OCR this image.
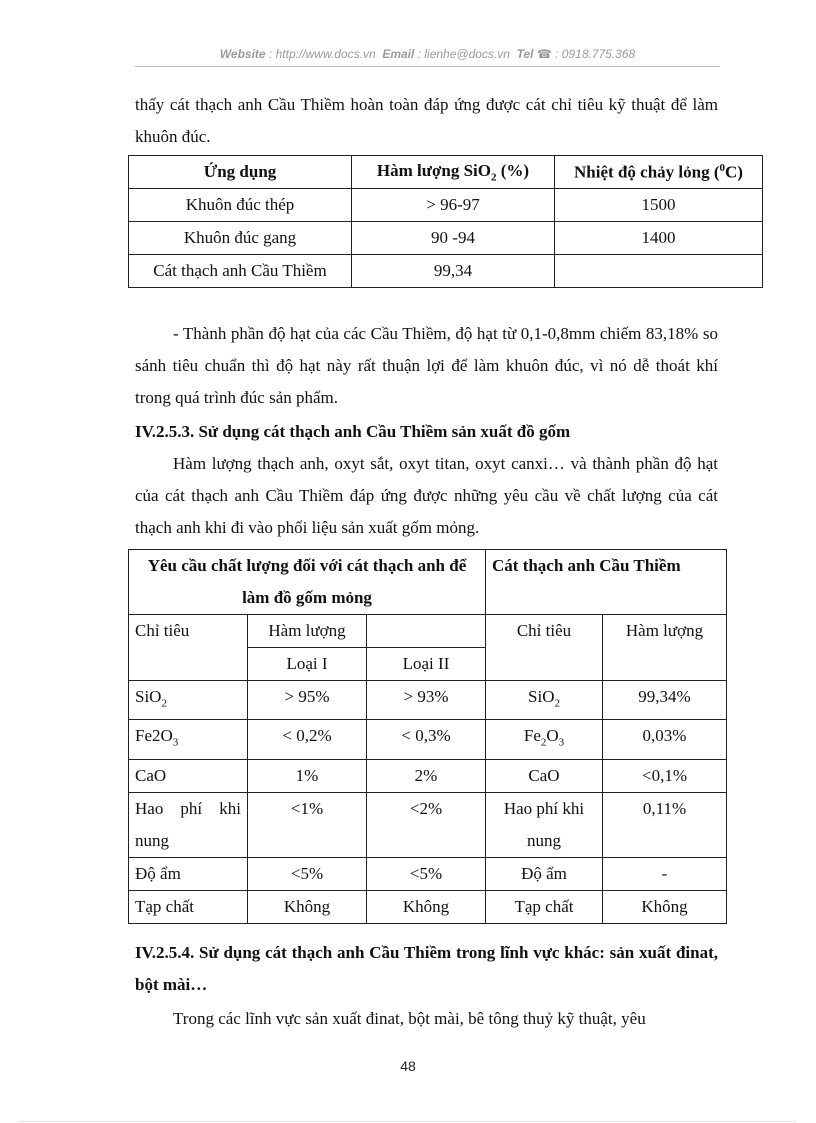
Website : http://www.docs.vn Email : lienhe@docs.vn Tel ☎ : 0918.775.368
thấy cát thạch anh Cầu Thiềm hoàn toàn đáp ứng được cát chỉ tiêu kỹ thuật để làm khuôn đúc.
Ứng dụng	Hàm lượng SiO$_2$ (%)	Nhiệt độ chảy lỏng ($^0$C)
Khuôn đúc thép	> 96-97	1500
Khuôn đúc gang	90 -94	1400
Cát thạch anh Cầu Thiềm	99,34	
- Thành phần độ hạt của các Cầu Thiềm, độ hạt từ 0,1-0,8mm chiếm 83,18% so sánh tiêu chuẩn thì độ hạt này rất thuận lợi để làm khuôn đúc, vì nó dễ thoát khí trong quá trình đúc sản phẩm.
IV.2.5.3. Sử dụng cát thạch anh Cầu Thiềm sản xuất đồ gốm
Hàm lượng thạch anh, oxyt sắt, oxyt titan, oxyt canxi… và thành phần độ hạt của cát thạch anh Cầu Thiềm đáp ứng được những yêu cầu về chất lượng của cát thạch anh khi đi vào phối liệu sản xuất gốm mỏng.
Yêu cầu chất lượng đối với cát thạch anh để làm đồ gốm mỏng			Cát thạch anh Cầu Thiềm	
Chỉ tiêu	Hàm lượng		Chỉ tiêu	Hàm lượng
	Loại I	Loại II		
SiO$_2$	> 95%	> 93%	SiO$_2$	99,34%
$Fe2O_3$	< 0,2%	< 0,3%	$Fe_2O_3$	0,03%
CaO	1%	2%	CaO	<0,1%
Hao phí khi nung	<1%	<2%	Hao phí khi nung	0,11%
Độ ẩm	<5%	<5%	Độ ẩm	-
Tạp chất	Không	Không	Tạp chất	Không
IV.2.5.4. Sử dụng cát thạch anh Cầu Thiềm trong lĩnh vực khác: sản xuất đinat, bột mài…
Trong các lĩnh vực sản xuất đinat, bột mài, bê tông thuỷ kỹ thuật, yêu
48
